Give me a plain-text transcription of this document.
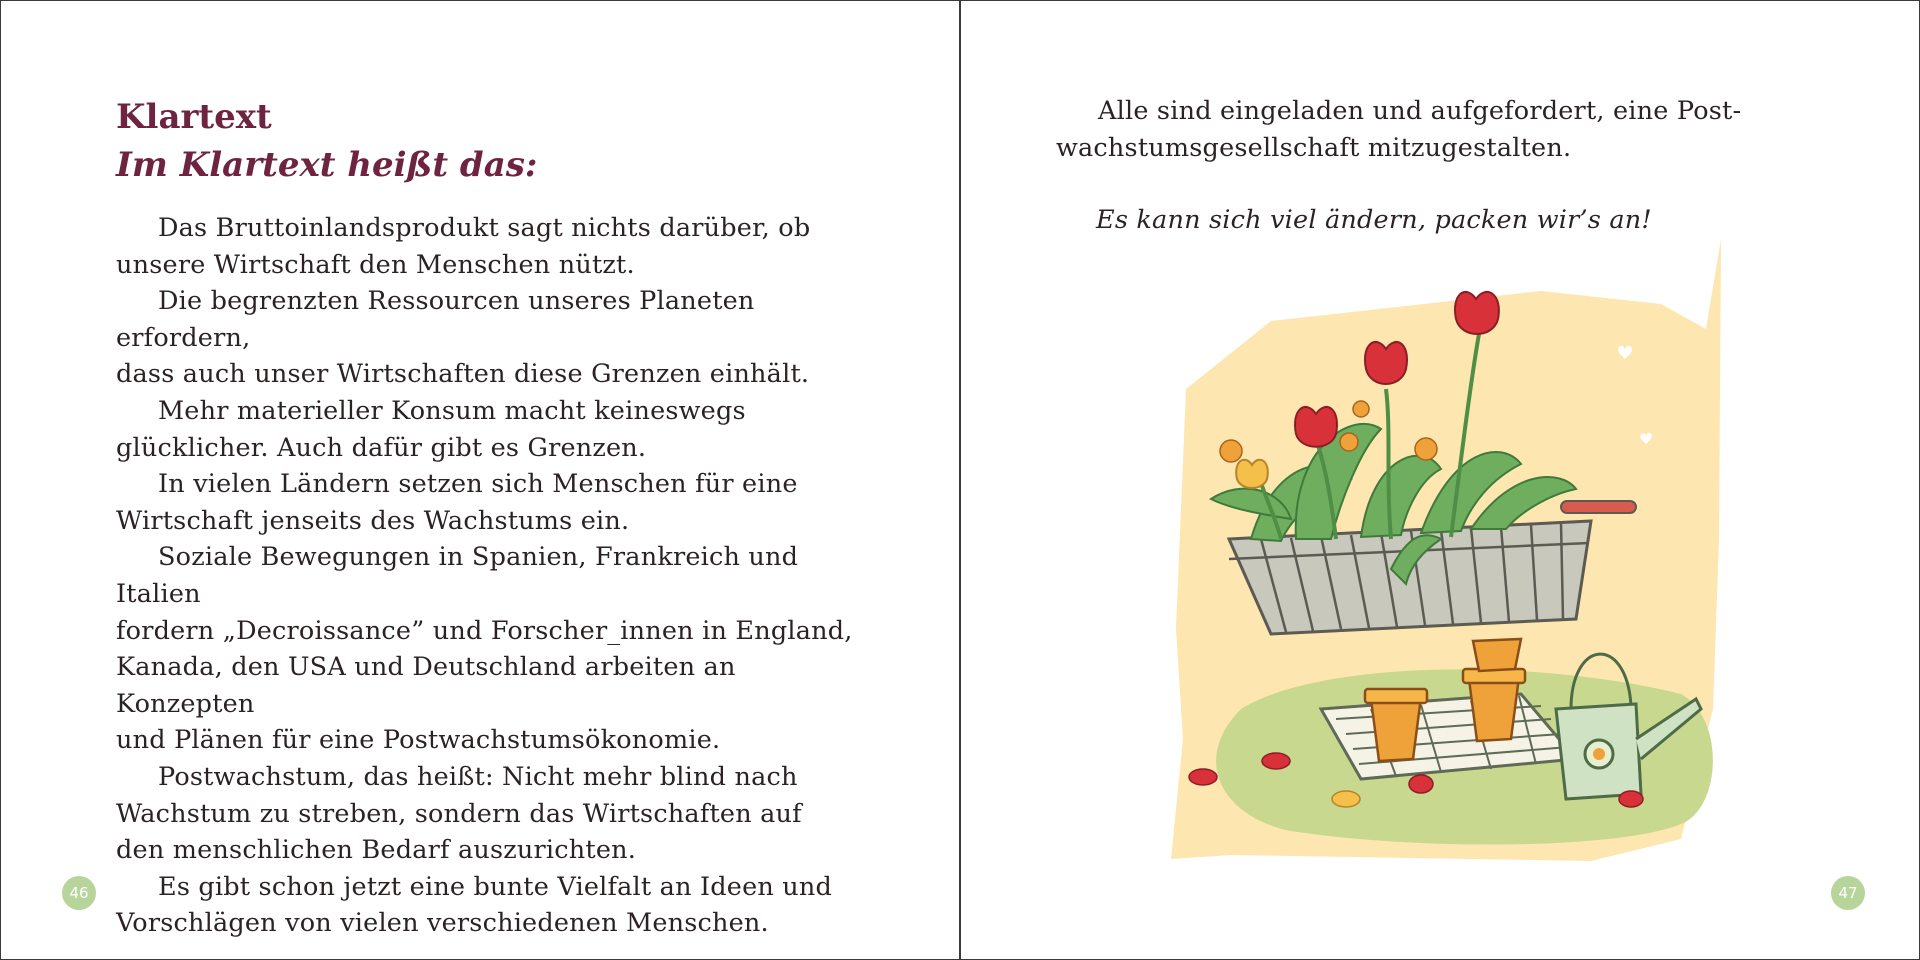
Klartext

Im Klartext heißt das:

Das Bruttoinlandsprodukt sagt nichts darüber, ob
unsere Wirtschaft den Menschen nützt.

Die begrenzten Ressourcen unseres Planeten erfordern,
dass auch unser Wirtschaften diese Grenzen einhält.

Mehr materieller Konsum macht keineswegs
glücklicher. Auch dafür gibt es Grenzen.

In vielen Ländern setzen sich Menschen für eine
Wirtschaft jenseits des Wachstums ein.

Soziale Bewegungen in Spanien, Frankreich und Italien
fordern „Decroissance” und Forscher_innen in England,
Kanada, den USA und Deutschland arbeiten an Konzepten
und Plänen für eine Postwachstumsökonomie.

Postwachstum, das heißt: Nicht mehr blind nach
Wachstum zu streben, sondern das Wirtschaften auf
den menschlichen Bedarf auszurichten.

Es gibt schon jetzt eine bunte Vielfalt an Ideen und
Vorschlägen von vielen verschiedenen Menschen.

46

Alle sind eingeladen und aufgefordert, eine Post-
wachstumsgesellschaft mitzugestalten.

Es kann sich viel ändern, packen wir’s an!

47
